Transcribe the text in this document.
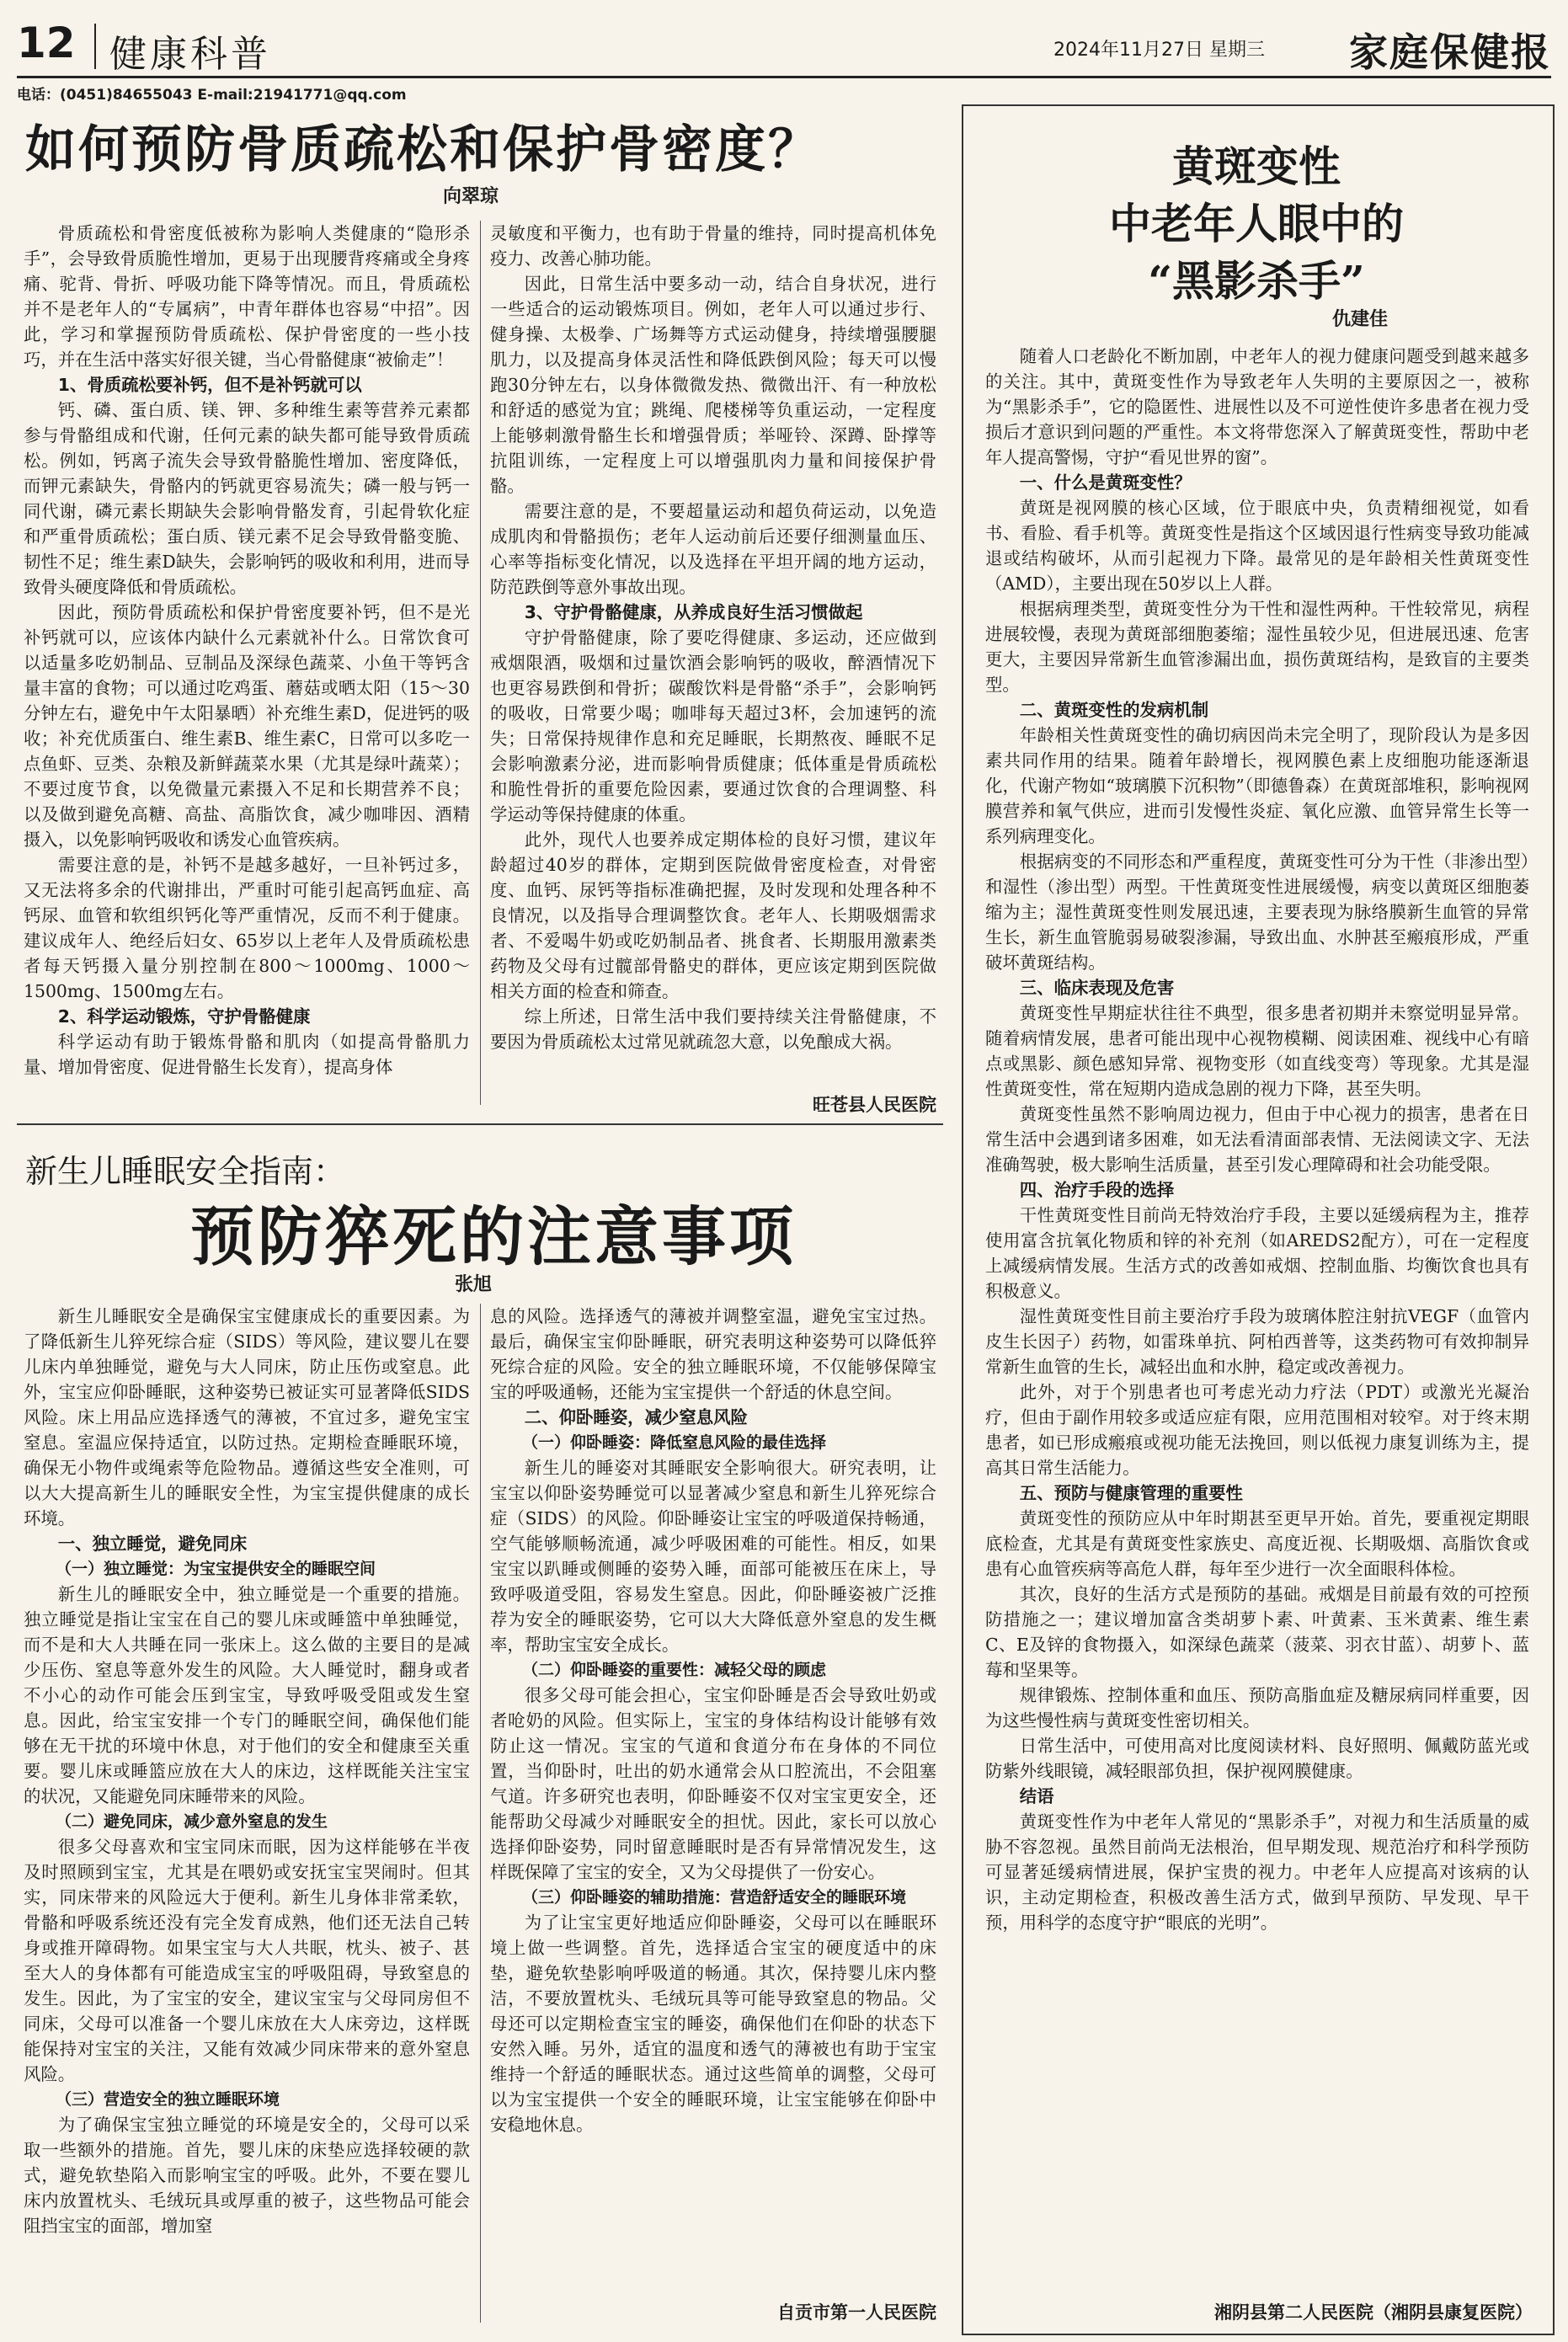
12 健康科普	2024年11月27日 星期三 家庭保健报
电话：(0451)84655043 E-mail:21941771@qq.com
如何预防骨质疏松和保护骨密度？
向翠琼

骨质疏松和骨密度低被称为影响人类健康的“隐形杀手”，会导致骨质脆性增加，更易于出现腰背疼痛或全身疼痛、驼背、骨折、呼吸功能下降等情况。而且，骨质疏松并不是老年人的“专属病”，中青年群体也容易“中招”。因此，学习和掌握预防骨质疏松、保护骨密度的一些小技巧，并在生活中落实好很关键，当心骨骼健康“被偷走”！

1、骨质疏松要补钙，但不是补钙就可以

钙、磷、蛋白质、镁、钾、多种维生素等营养元素都参与骨骼组成和代谢，任何元素的缺失都可能导致骨质疏松。例如，钙离子流失会导致骨骼脆性增加、密度降低，而钾元素缺失，骨骼内的钙就更容易流失；磷一般与钙一同代谢，磷元素长期缺失会影响骨骼发育，引起骨软化症和严重骨质疏松；蛋白质、镁元素不足会导致骨骼变脆、韧性不足；维生素D缺失，会影响钙的吸收和利用，进而导致骨头硬度降低和骨质疏松。

因此，预防骨质疏松和保护骨密度要补钙，但不是光补钙就可以，应该体内缺什么元素就补什么。日常饮食可以适量多吃奶制品、豆制品及深绿色蔬菜、小鱼干等钙含量丰富的食物；可以通过吃鸡蛋、蘑菇或晒太阳（15～30分钟左右，避免中午太阳暴晒）补充维生素D，促进钙的吸收；补充优质蛋白、维生素B、维生素C，日常可以多吃一点鱼虾、豆类、杂粮及新鲜蔬菜水果（尤其是绿叶蔬菜）；不要过度节食，以免微量元素摄入不足和长期营养不良；以及做到避免高糖、高盐、高脂饮食，减少咖啡因、酒精摄入，以免影响钙吸收和诱发心血管疾病。

需要注意的是，补钙不是越多越好，一旦补钙过多，又无法将多余的代谢排出，严重时可能引起高钙血症、高钙尿、血管和软组织钙化等严重情况，反而不利于健康。建议成年人、绝经后妇女、65岁以上老年人及骨质疏松患者每天钙摄入量分别控制在800～1000mg、1000～1500mg、1500mg左右。

2、科学运动锻炼，守护骨骼健康

科学运动有助于锻炼骨骼和肌肉（如提高骨骼肌力量、增加骨密度、促进骨骼生长发育），提高身体

灵敏度和平衡力，也有助于骨量的维持，同时提高机体免疫力、改善心肺功能。

因此，日常生活中要多动一动，结合自身状况，进行一些适合的运动锻炼项目。例如，老年人可以通过步行、健身操、太极拳、广场舞等方式运动健身，持续增强腰腿肌力，以及提高身体灵活性和降低跌倒风险；每天可以慢跑30分钟左右，以身体微微发热、微微出汗、有一种放松和舒适的感觉为宜；跳绳、爬楼梯等负重运动，一定程度上能够刺激骨骼生长和增强骨质；举哑铃、深蹲、卧撑等抗阻训练，一定程度上可以增强肌肉力量和间接保护骨骼。

需要注意的是，不要超量运动和超负荷运动，以免造成肌肉和骨骼损伤；老年人运动前后还要仔细测量血压、心率等指标变化情况，以及选择在平坦开阔的地方运动，防范跌倒等意外事故出现。

3、守护骨骼健康，从养成良好生活习惯做起

守护骨骼健康，除了要吃得健康、多运动，还应做到戒烟限酒，吸烟和过量饮酒会影响钙的吸收，醉酒情况下也更容易跌倒和骨折；碳酸饮料是骨骼“杀手”，会影响钙的吸收，日常要少喝；咖啡每天超过3杯，会加速钙的流失；日常保持规律作息和充足睡眠，长期熬夜、睡眠不足会影响激素分泌，进而影响骨质健康；低体重是骨质疏松和脆性骨折的重要危险因素，要通过饮食的合理调整、科学运动等保持健康的体重。

此外，现代人也要养成定期体检的良好习惯，建议年龄超过40岁的群体，定期到医院做骨密度检查，对骨密度、血钙、尿钙等指标准确把握，及时发现和处理各种不良情况，以及指导合理调整饮食。老年人、长期吸烟需求者、不爱喝牛奶或吃奶制品者、挑食者、长期服用激素类药物及父母有过髋部骨骼史的群体，更应该定期到医院做相关方面的检查和筛查。

综上所述，日常生活中我们要持续关注骨骼健康，不要因为骨质疏松太过常见就疏忽大意，以免酿成大祸。

旺苍县人民医院
新生儿睡眠安全指南：
预防猝死的注意事项
张旭

新生儿睡眠安全是确保宝宝健康成长的重要因素。为了降低新生儿猝死综合症（SIDS）等风险，建议婴儿在婴儿床内单独睡觉，避免与大人同床，防止压伤或窒息。此外，宝宝应仰卧睡眠，这种姿势已被证实可显著降低SIDS风险。床上用品应选择透气的薄被，不宜过多，避免宝宝窒息。室温应保持适宜，以防过热。定期检查睡眠环境，确保无小物件或绳索等危险物品。遵循这些安全准则，可以大大提高新生儿的睡眠安全性，为宝宝提供健康的成长环境。

一、独立睡觉，避免同床

（一）独立睡觉：为宝宝提供安全的睡眠空间

新生儿的睡眠安全中，独立睡觉是一个重要的措施。独立睡觉是指让宝宝在自己的婴儿床或睡篮中单独睡觉，而不是和大人共睡在同一张床上。这么做的主要目的是减少压伤、窒息等意外发生的风险。大人睡觉时，翻身或者不小心的动作可能会压到宝宝，导致呼吸受阻或发生窒息。因此，给宝宝安排一个专门的睡眠空间，确保他们能够在无干扰的环境中休息，对于他们的安全和健康至关重要。婴儿床或睡篮应放在大人的床边，这样既能关注宝宝的状况，又能避免同床睡带来的风险。

（二）避免同床，减少意外窒息的发生

很多父母喜欢和宝宝同床而眠，因为这样能够在半夜及时照顾到宝宝，尤其是在喂奶或安抚宝宝哭闹时。但其实，同床带来的风险远大于便利。新生儿身体非常柔软，骨骼和呼吸系统还没有完全发育成熟，他们还无法自己转身或推开障碍物。如果宝宝与大人共眠，枕头、被子、甚至大人的身体都有可能造成宝宝的呼吸阻碍，导致窒息的发生。因此，为了宝宝的安全，建议宝宝与父母同房但不同床，父母可以准备一个婴儿床放在大人床旁边，这样既能保持对宝宝的关注，又能有效减少同床带来的意外窒息风险。

（三）营造安全的独立睡眠环境

为了确保宝宝独立睡觉的环境是安全的，父母可以采取一些额外的措施。首先，婴儿床的床垫应选择较硬的款式，避免软垫陷入而影响宝宝的呼吸。此外，不要在婴儿床内放置枕头、毛绒玩具或厚重的被子，这些物品可能会阻挡宝宝的面部，增加窒

息的风险。选择透气的薄被并调整室温，避免宝宝过热。最后，确保宝宝仰卧睡眠，研究表明这种姿势可以降低猝死综合症的风险。安全的独立睡眠环境，不仅能够保障宝宝的呼吸通畅，还能为宝宝提供一个舒适的休息空间。

二、仰卧睡姿，减少窒息风险

（一）仰卧睡姿：降低窒息风险的最佳选择

新生儿的睡姿对其睡眠安全影响很大。研究表明，让宝宝以仰卧姿势睡觉可以显著减少窒息和新生儿猝死综合症（SIDS）的风险。仰卧睡姿让宝宝的呼吸道保持畅通，空气能够顺畅流通，减少呼吸困难的可能性。相反，如果宝宝以趴睡或侧睡的姿势入睡，面部可能被压在床上，导致呼吸道受阻，容易发生窒息。因此，仰卧睡姿被广泛推荐为安全的睡眠姿势，它可以大大降低意外窒息的发生概率，帮助宝宝安全成长。

（二）仰卧睡姿的重要性：减轻父母的顾虑

很多父母可能会担心，宝宝仰卧睡是否会导致吐奶或者呛奶的风险。但实际上，宝宝的身体结构设计能够有效防止这一情况。宝宝的气道和食道分布在身体的不同位置，当仰卧时，吐出的奶水通常会从口腔流出，不会阻塞气道。许多研究也表明，仰卧睡姿不仅对宝宝更安全，还能帮助父母减少对睡眠安全的担忧。因此，家长可以放心选择仰卧姿势，同时留意睡眠时是否有异常情况发生，这样既保障了宝宝的安全，又为父母提供了一份安心。

（三）仰卧睡姿的辅助措施：营造舒适安全的睡眠环境

为了让宝宝更好地适应仰卧睡姿，父母可以在睡眠环境上做一些调整。首先，选择适合宝宝的硬度适中的床垫，避免软垫影响呼吸道的畅通。其次，保持婴儿床内整洁，不要放置枕头、毛绒玩具等可能导致窒息的物品。父母还可以定期检查宝宝的睡姿，确保他们在仰卧的状态下安然入睡。另外，适宜的温度和透气的薄被也有助于宝宝维持一个舒适的睡眠状态。通过这些简单的调整，父母可以为宝宝提供一个安全的睡眠环境，让宝宝能够在仰卧中安稳地休息。

自贡市第一人民医院
黄斑变性
中老年人眼中的
“黑影杀手”
仇建佳

随着人口老龄化不断加剧，中老年人的视力健康问题受到越来越多的关注。其中，黄斑变性作为导致老年人失明的主要原因之一，被称为“黑影杀手”，它的隐匿性、进展性以及不可逆性使许多患者在视力受损后才意识到问题的严重性。本文将带您深入了解黄斑变性，帮助中老年人提高警惕，守护“看见世界的窗”。

一、什么是黄斑变性？

黄斑是视网膜的核心区域，位于眼底中央，负责精细视觉，如看书、看脸、看手机等。黄斑变性是指这个区域因退行性病变导致功能减退或结构破坏，从而引起视力下降。最常见的是年龄相关性黄斑变性（AMD），主要出现在50岁以上人群。

根据病理类型，黄斑变性分为干性和湿性两种。干性较常见，病程进展较慢，表现为黄斑部细胞萎缩；湿性虽较少见，但进展迅速、危害更大，主要因异常新生血管渗漏出血，损伤黄斑结构，是致盲的主要类型。

二、黄斑变性的发病机制

年龄相关性黄斑变性的确切病因尚未完全明了，现阶段认为是多因素共同作用的结果。随着年龄增长，视网膜色素上皮细胞功能逐渐退化，代谢产物如“玻璃膜下沉积物”（即德鲁森）在黄斑部堆积，影响视网膜营养和氧气供应，进而引发慢性炎症、氧化应激、血管异常生长等一系列病理变化。

根据病变的不同形态和严重程度，黄斑变性可分为干性（非渗出型）和湿性（渗出型）两型。干性黄斑变性进展缓慢，病变以黄斑区细胞萎缩为主；湿性黄斑变性则发展迅速，主要表现为脉络膜新生血管的异常生长，新生血管脆弱易破裂渗漏，导致出血、水肿甚至瘢痕形成，严重破坏黄斑结构。

三、临床表现及危害

黄斑变性早期症状往往不典型，很多患者初期并未察觉明显异常。随着病情发展，患者可能出现中心视物模糊、阅读困难、视线中心有暗点或黑影、颜色感知异常、视物变形（如直线变弯）等现象。尤其是湿性黄斑变性，常在短期内造成急剧的视力下降，甚至失明。

黄斑变性虽然不影响周边视力，但由于中心视力的损害，患者在日常生活中会遇到诸多困难，如无法看清面部表情、无法阅读文字、无法准确驾驶，极大影响生活质量，甚至引发心理障碍和社会功能受限。

四、治疗手段的选择

干性黄斑变性目前尚无特效治疗手段，主要以延缓病程为主，推荐使用富含抗氧化物质和锌的补充剂（如AREDS2配方），可在一定程度上减缓病情发展。生活方式的改善如戒烟、控制血脂、均衡饮食也具有积极意义。

湿性黄斑变性目前主要治疗手段为玻璃体腔注射抗VEGF（血管内皮生长因子）药物，如雷珠单抗、阿柏西普等，这类药物可有效抑制异常新生血管的生长，减轻出血和水肿，稳定或改善视力。

此外，对于个别患者也可考虑光动力疗法（PDT）或激光光凝治疗，但由于副作用较多或适应症有限，应用范围相对较窄。对于终末期患者，如已形成瘢痕或视功能无法挽回，则以低视力康复训练为主，提高其日常生活能力。

五、预防与健康管理的重要性

黄斑变性的预防应从中年时期甚至更早开始。首先，要重视定期眼底检查，尤其是有黄斑变性家族史、高度近视、长期吸烟、高脂饮食或患有心血管疾病等高危人群，每年至少进行一次全面眼科体检。

其次，良好的生活方式是预防的基础。戒烟是目前最有效的可控预防措施之一；建议增加富含类胡萝卜素、叶黄素、玉米黄素、维生素C、E及锌的食物摄入，如深绿色蔬菜（菠菜、羽衣甘蓝）、胡萝卜、蓝莓和坚果等。

规律锻炼、控制体重和血压、预防高脂血症及糖尿病同样重要，因为这些慢性病与黄斑变性密切相关。

日常生活中，可使用高对比度阅读材料、良好照明、佩戴防蓝光或防紫外线眼镜，减轻眼部负担，保护视网膜健康。

结语

黄斑变性作为中老年人常见的“黑影杀手”，对视力和生活质量的威胁不容忽视。虽然目前尚无法根治，但早期发现、规范治疗和科学预防可显著延缓病情进展，保护宝贵的视力。中老年人应提高对该病的认识，主动定期检查，积极改善生活方式，做到早预防、早发现、早干预，用科学的态度守护“眼底的光明”。

湘阴县第二人民医院（湘阴县康复医院）
